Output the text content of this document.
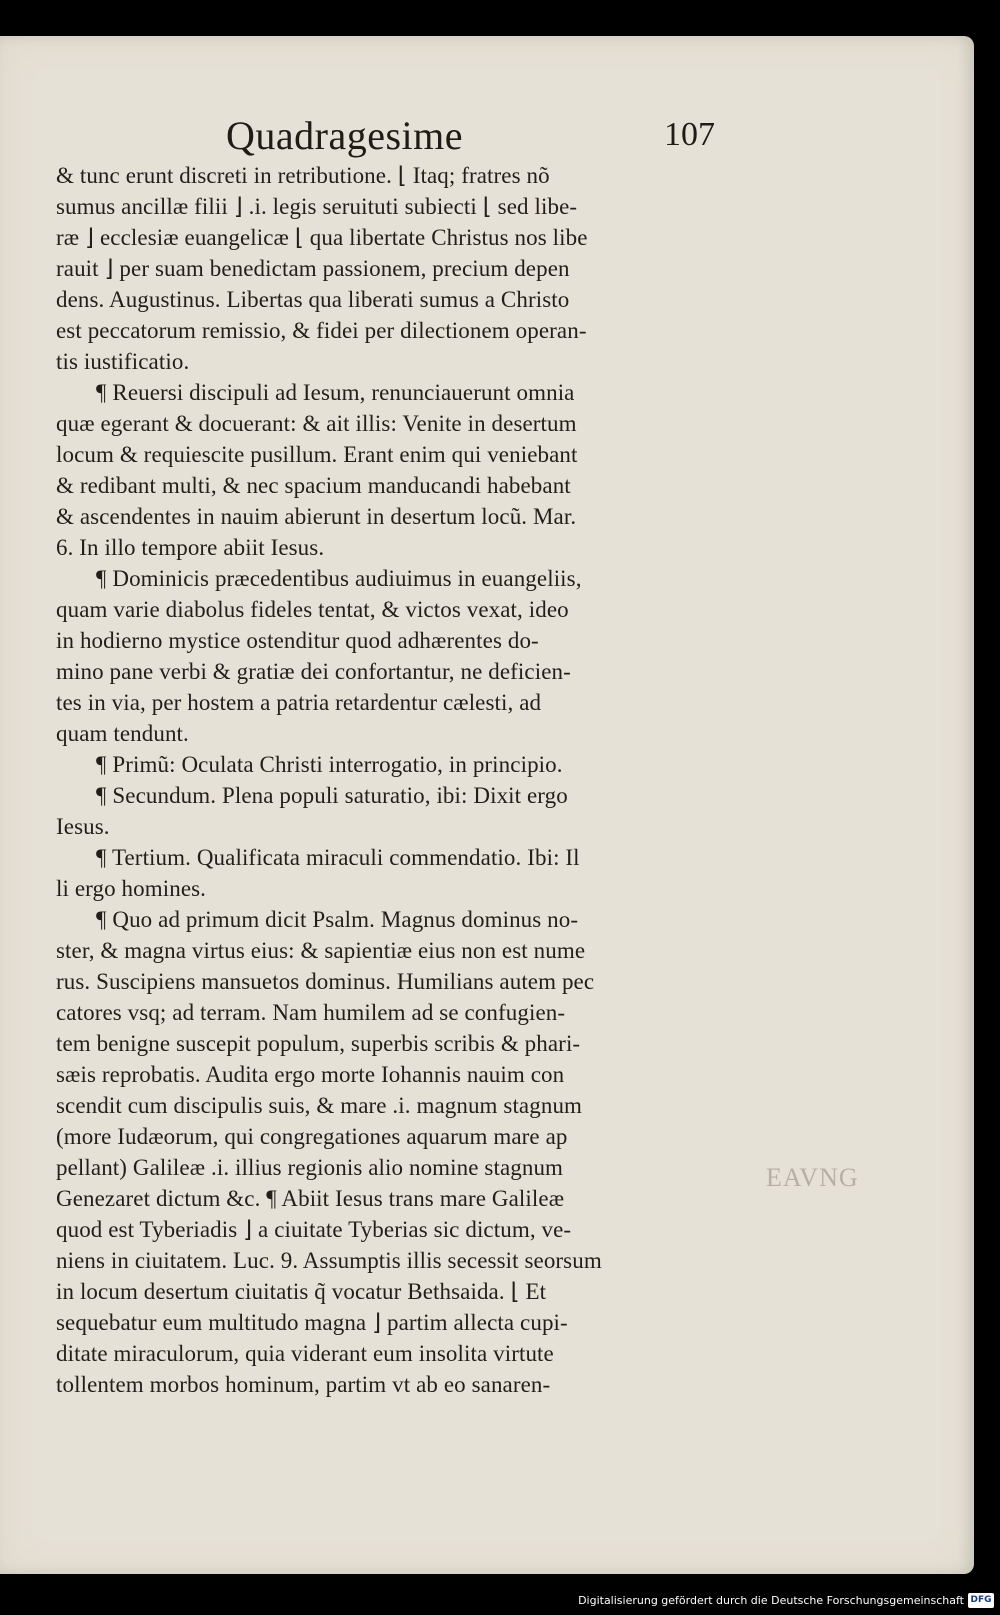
Quadragesime	107
& tunc erunt discreti in retributione. ⌊ Itaq; fratres nõ
sumus ancillæ filii ⌋ .i. legis seruituti subiecti ⌊ sed libe-
ræ ⌋ ecclesiæ euangelicæ ⌊ qua libertate Christus nos libe
rauit ⌋ per suam benedictam passionem, precium depen
dens. Augustinus. Libertas qua liberati sumus a Christo
est peccatorum remissio, & fidei per dilectionem operan-
tis iustificatio.
¶ Reuersi discipuli ad Iesum, renunciauerunt omnia
quæ egerant & docuerant: & ait illis: Venite in desertum
locum & requiescite pusillum. Erant enim qui veniebant
& redibant multi, & nec spacium manducandi habebant
& ascendentes in nauim abierunt in desertum locũ. Mar.
6. In illo tempore abiit Iesus.
¶ Dominicis præcedentibus audiuimus in euangeliis,
quam varie diabolus fideles tentat, & victos vexat, ideo
in hodierno mystice ostenditur quod adhærentes do-
mino pane verbi & gratiæ dei confortantur, ne deficien-
tes in via, per hostem a patria retardentur cælesti, ad
quam tendunt.
¶ Primũ: Oculata Christi interrogatio, in principio.
¶ Secundum. Plena populi saturatio, ibi: Dixit ergo
Iesus.
¶ Tertium. Qualificata miraculi commendatio. Ibi: Il
li ergo homines.
¶ Quo ad primum dicit Psalm. Magnus dominus no-
ster, & magna virtus eius: & sapientiæ eius non est nume
rus. Suscipiens mansuetos dominus. Humilians autem pec
catores vsq; ad terram. Nam humilem ad se confugien-
tem benigne suscepit populum, superbis scribis & phari-
sæis reprobatis. Audita ergo morte Iohannis nauim con
scendit cum discipulis suis, & mare .i. magnum stagnum
(more Iudæorum, qui congregationes aquarum mare ap
pellant) Galileæ .i. illius regionis alio nomine stagnum
Genezaret dictum &c. ¶ Abiit Iesus trans mare Galileæ
quod est Tyberiadis ⌋ a ciuitate Tyberias sic dictum, ve-
niens in ciuitatem. Luc. 9. Assumptis illis secessit seorsum
in locum desertum ciuitatis q̃ vocatur Bethsaida. ⌊ Et
sequebatur eum multitudo magna ⌋ partim allecta cupi-
ditate miraculorum, quia viderant eum insolita virtute
tollentem morbos hominum, partim vt ab eo sanaren-
EAVNG
Digitalisierung gefördert durch die Deutsche Forschungsgemeinschaft DFG
